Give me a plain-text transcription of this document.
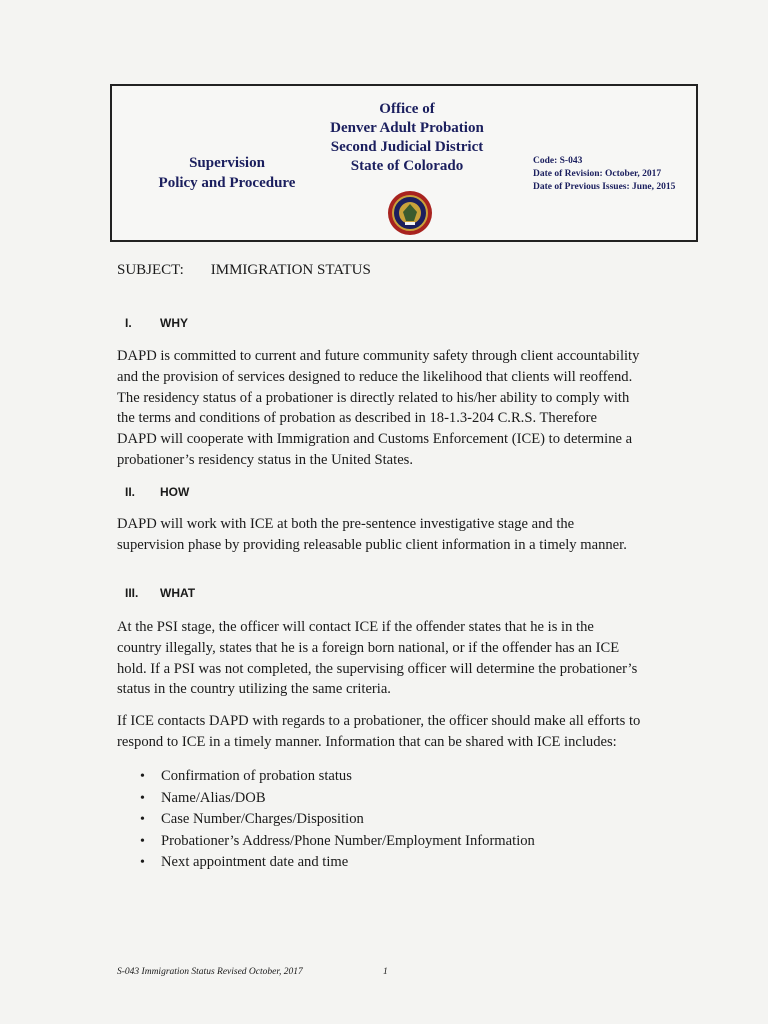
Office of
Denver Adult Probation
Second Judicial District
State of Colorado
Supervision
Policy and Procedure
Code: S-043
Date of Revision: October, 2017
Date of Previous Issues: June, 2015
SUBJECT: IMMIGRATION STATUS
I. WHY
DAPD is committed to current and future community safety through client accountability
and the provision of services designed to reduce the likelihood that clients will reoffend.
The residency status of a probationer is directly related to his/her ability to comply with
the terms and conditions of probation as described in 18-1.3-204 C.R.S. Therefore
DAPD will cooperate with Immigration and Customs Enforcement (ICE) to determine a
probationer’s residency status in the United States.
II. HOW
DAPD will work with ICE at both the pre-sentence investigative stage and the
supervision phase by providing releasable public client information in a timely manner.
III. WHAT
At the PSI stage, the officer will contact ICE if the offender states that he is in the
country illegally, states that he is a foreign born national, or if the offender has an ICE
hold. If a PSI was not completed, the supervising officer will determine the probationer’s
status in the country utilizing the same criteria.
If ICE contacts DAPD with regards to a probationer, the officer should make all efforts to
respond to ICE in a timely manner. Information that can be shared with ICE includes:
• Confirmation of probation status
• Name/Alias/DOB
• Case Number/Charges/Disposition
• Probationer’s Address/Phone Number/Employment Information
• Next appointment date and time
S-043 Immigration Status Revised October, 2017	1
